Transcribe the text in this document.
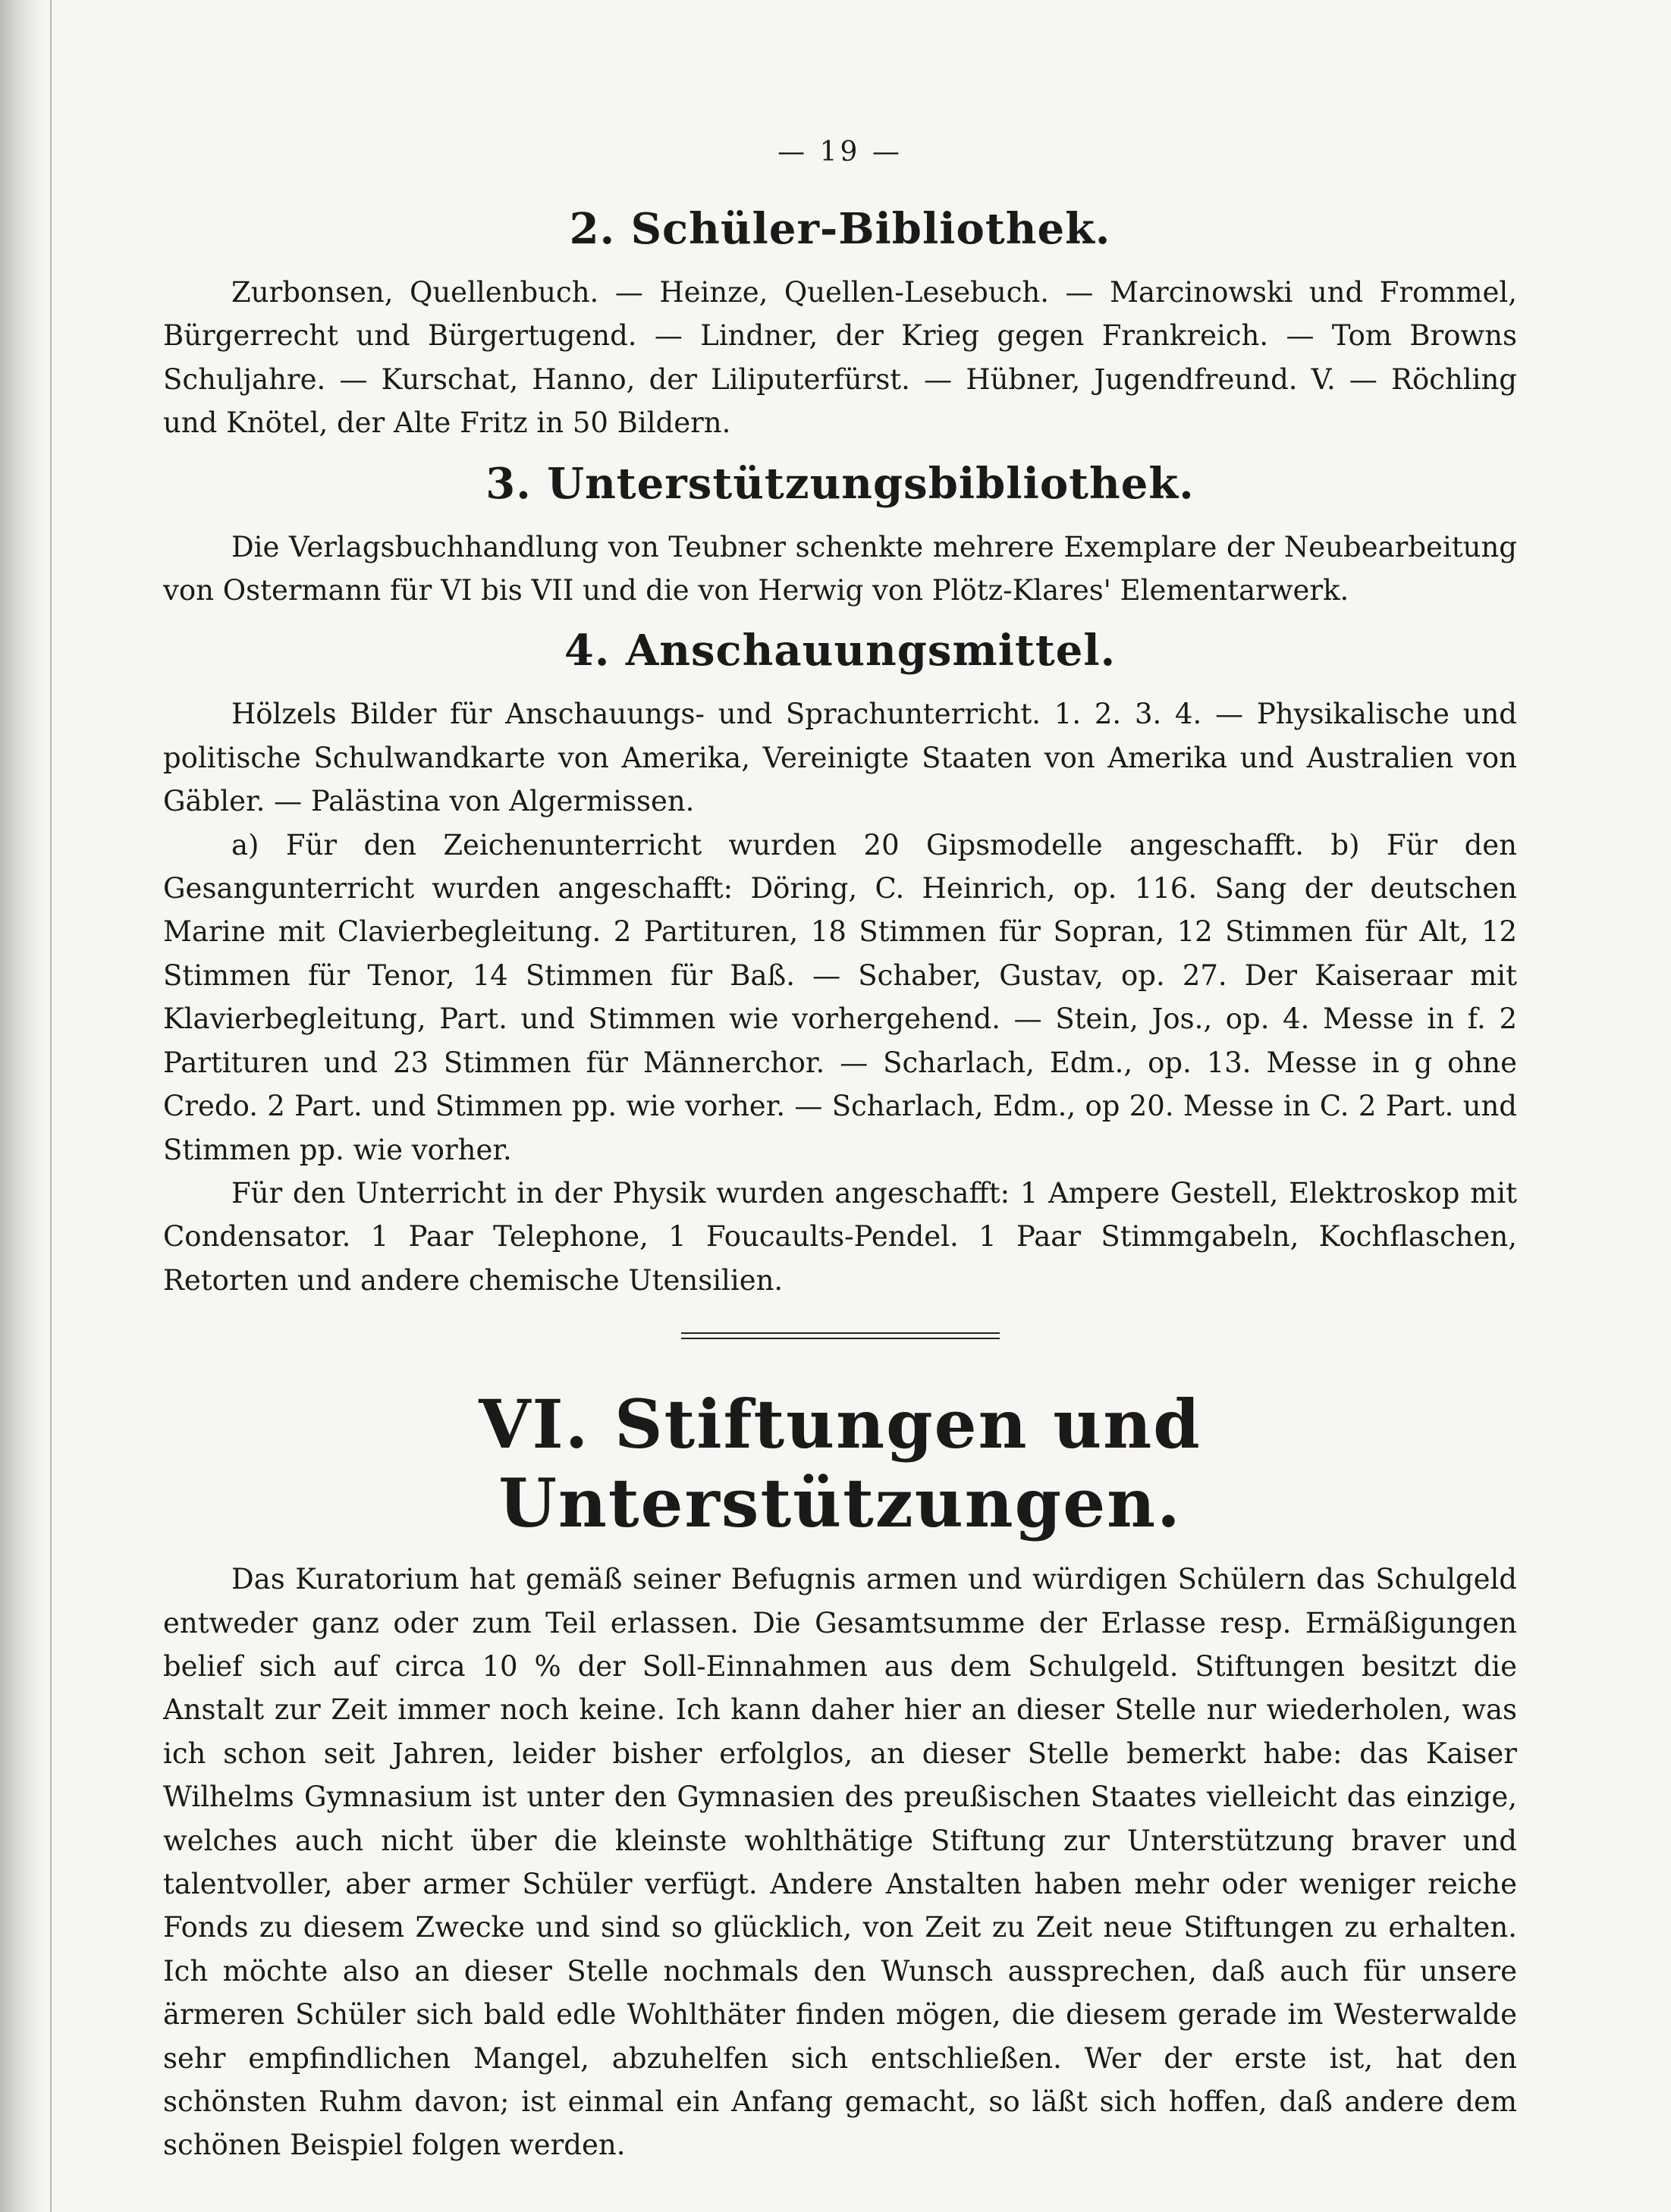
— 19 —
2. Schüler-Bibliothek.

Zurbonsen, Quellenbuch. — Heinze, Quellen-Lesebuch. — Marcinowski und Frommel, Bürgerrecht und Bürgertugend. — Lindner, der Krieg gegen Frankreich. — Tom Browns Schuljahre. — Kurschat, Hanno, der Liliputerfürst. — Hübner, Jugendfreund. V. — Röchling und Knötel, der Alte Fritz in 50 Bildern.

3. Unterstützungsbibliothek.

Die Verlagsbuchhandlung von Teubner schenkte mehrere Exemplare der Neubearbeitung von Ostermann für VI bis VII und die von Herwig von Plötz-Klares' Elementarwerk.

4. Anschauungsmittel.

Hölzels Bilder für Anschauungs- und Sprachunterricht. 1. 2. 3. 4. — Physikalische und politische Schulwandkarte von Amerika, Vereinigte Staaten von Amerika und Australien von Gäbler. — Palästina von Algermissen.

a) Für den Zeichenunterricht wurden 20 Gipsmodelle angeschafft. b) Für den Gesangunterricht wurden angeschafft: Döring, C. Heinrich, op. 116. Sang der deutschen Marine mit Clavierbegleitung. 2 Partituren, 18 Stimmen für Sopran, 12 Stimmen für Alt, 12 Stimmen für Tenor, 14 Stimmen für Baß. — Schaber, Gustav, op. 27. Der Kaiseraar mit Klavierbegleitung, Part. und Stimmen wie vorhergehend. — Stein, Jos., op. 4. Messe in f. 2 Partituren und 23 Stimmen für Männerchor. — Scharlach, Edm., op. 13. Messe in g ohne Credo. 2 Part. und Stimmen pp. wie vorher. — Scharlach, Edm., op 20. Messe in C. 2 Part. und Stimmen pp. wie vorher.

Für den Unterricht in der Physik wurden angeschafft: 1 Ampere Gestell, Elektroskop mit Condensator. 1 Paar Telephone, 1 Foucaults-Pendel. 1 Paar Stimmgabeln, Kochflaschen, Retorten und andere chemische Utensilien.

VI. Stiftungen und Unterstützungen.

Das Kuratorium hat gemäß seiner Befugnis armen und würdigen Schülern das Schulgeld entweder ganz oder zum Teil erlassen. Die Gesamtsumme der Erlasse resp. Ermäßigungen belief sich auf circa 10 % der Soll-Einnahmen aus dem Schulgeld. Stiftungen besitzt die Anstalt zur Zeit immer noch keine. Ich kann daher hier an dieser Stelle nur wiederholen, was ich schon seit Jahren, leider bisher erfolglos, an dieser Stelle bemerkt habe: das Kaiser Wilhelms Gymnasium ist unter den Gymnasien des preußischen Staates vielleicht das einzige, welches auch nicht über die kleinste wohlthätige Stiftung zur Unterstützung braver und talentvoller, aber armer Schüler verfügt. Andere Anstalten haben mehr oder weniger reiche Fonds zu diesem Zwecke und sind so glücklich, von Zeit zu Zeit neue Stiftungen zu erhalten. Ich möchte also an dieser Stelle nochmals den Wunsch aussprechen, daß auch für unsere ärmeren Schüler sich bald edle Wohlthäter finden mögen, die diesem gerade im Westerwalde sehr empfindlichen Mangel, abzuhelfen sich entschließen. Wer der erste ist, hat den schönsten Ruhm davon; ist einmal ein Anfang gemacht, so läßt sich hoffen, daß andere dem schönen Beispiel folgen werden.
